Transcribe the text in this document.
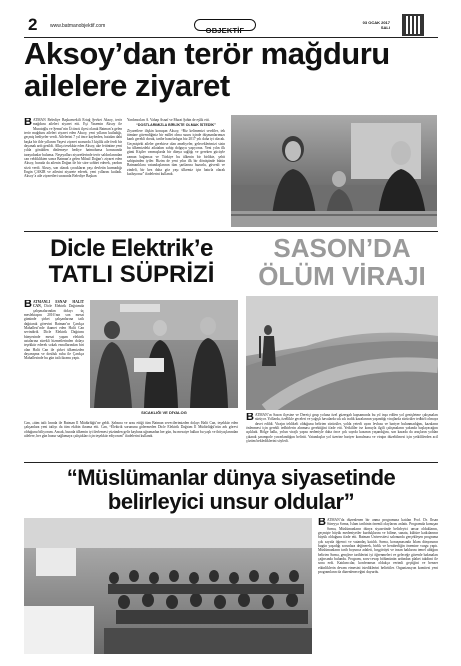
2	www.batmanobjektif.com	OBJEKTİF
03 OCAK 2017
SALI
Aksoy’dan terör mağduru
ailelere ziyaret
BATMAN Belediye Başkanvekili Ertuğ Şevket Aksoy, terör mağduru aileleri ziyaret etti. Eşi Yasemin Aksoy ile Muratoğlu ve Şemsi’nin Ücüncü ilçesi olarak Batman’a gelen terör mağduru aileleri ziyaret eden Aksoy, yeni yılların kutladığı, geçmiş hediyeler verdi. Ailelerini 7 yıl önce kaybeden, batıdan dahi başka bir ilde yıllarım Vaşevi ziyaret sırasında 3 kişilik aile ferdi bir dayanak ardı gezildi. Alkışı tesekkür eden Aksoy, ake fettintine yeni yılda gönülden dinlemeye hediye hatmolunsa konusunda tarayıdanlar bulunsa. Neşeyalları ziyaretlerinde terör saldırılarından can veldiklikten sonra Batman’a gelen Mihail Doğan’ı ziyaret eden Aksoy, burada da ailenin Doğan ile bir süre sohbet ederek, yardım sözü verdi. Aksoy, son olarak çocukların yaşı devletin kurmadığı Engin ÇAKIR ve ailesini ziyarete ederek, yeni yıllarını kutladı. Aksoy’a aile ziyaretleri sırasında Belediye Başkan
Yardımcıları A. Vahap Asnaf ve Murat Şahin de eşlik etti.
“DOSTLARIMIZLA BİRLİKTE OLMAK İSTEDİK”
Ziyaretlere ilişkin konuşan Aksoy, “Biz kelimenizi sevdiler, tek tümüne güvendiğiniz bir millet olma suuru içinde düşmanlarımızı kanlı gerekli doruk, tarihe hazırladıgız biz 2017 yılı daha iyi olacak. Geçmişteki aileler gerekirse olan ameliyeler, geleceklerimizi sizin bu ülkemizdeki atlatalım sahip dolguyu yaşıyoruz. Yeni yılın ilk günü Kişiler vanmışlarda bir dünya sağlığı ve gereken gücüyle zaman bağımsız ve Türkiye bu ülkenin bir birlikte, şehit sahipsinden iyiler. Bizim de yeni yılın ilk bir dönüşünde bütün Batmanlılara vatandaşlarının tüm şartlarına huzurlu, güvenli ve zindeli, bir kez daha göz yaşı ülkemiz için hatırla olarak kutluyoruz” ifadelerini kullandı.
Dicle Elektrik’e
TATLI SÜPRİZİ
BATMANLI ESNAF HALİT CAN, Dicle Elektrik Dağıtımda çalışmalarından dolayı üç meslektaşını 2016’nın son mesai gününde şirket çalışanlarına tatlı dağıtarak görevini Batman’ın Çarıkça Mahallesi’nde ikamet eden Halit Can sevindirdi. Dicle Elektrik Dağıtımı bünyesinde mesai yapan elektrik ustalarına sürekli hizmetlerinden dolayı teşekkür ederek sokak esnaflarından biri olan Halit Can ile şirket ülkemizden dayanışma ve dostluk ruhu ile Çarıkça Mahallesinde bu gün tatlı ikramı yaptı.
SICAKLIĞI VE DİYALOG
Can, «tüm tatlı lırında ile Batman Il Müdürlüğü’ne geldi. Şahsına ve arzu ettiği tüm Batman sevecilerimizden dolayı Halit Can, teşekkür eden çalışanlara yeni tatlıyı da tüm ekibin ikrama etti. Can, “Elektrik sorununu gidermeden Dicle Elektrik Dağıtım İl Müdürlüğü’nün ark görevi olduğunu biliyorum. Ancak, burada ülkemin iyi ilerlemesi yüzünden gelir kaybına uğramadan her gün, bu mesaiye halkın bu yaşlı ve ihtiyaçlarından ailelere, her gün huzur sağlamaya çalıştıkları için teşekkür ediyorum” ifadelerini kullandı.
SASON’DA
ÖLÜM VİRAJI
BATMAN’ın Sason ilçesine ve Dereiçi grup yoluna özel güzergah kapsamında bu yıl inşa edilen yol genişletme çalışmaları sürüyor. Yollarda, özellikle geceleri ve yağışlı havalarda sık sık trafik kazalarının yaşandığı virajlarda sürücüler tedbirli olmaya davet edildi. Virajın tehlikeli olduğunu belirten sürücüler, yolda yeterli uyarı levhası ve bariyer bulunmadığını, kazaların önlenmesi için gerekli tedbirlerin alınması gerektiğini ifade etti. Yetkililer ise konuyla ilgili çalışmaların yakında başlayacağını açıkladı. Bölge halkı, yolun virajlı yapısı nedeniyle daha önce çok sayıda kazanın yaşandığını, son kazada da araçların yoldan çıkarak şarampole yuvarlandığını belirtti. Vatandaşlar yol üzerine bariyer konulması ve virajın düzeltilmesi için yetkililerden acil çözüm beklediklerini söyledi.
“Müslümanlar dünya siyasetinde
belirleyici unsur oldular”
BATMAN’da düzenlenen bir anma programına katılan Prof. Dr. İhsan Süreyya Sırma, İslam tarihinin önemli olaylarını anlattı. Programda konuşan Sırma, Müslümanların dünya siyasetinde belirleyici unsur olduklarını, geçmişte büyük medeniyetler kurduklarını ve bilime, sanata, kültüre katkılarının büyük olduğunu ifade etti. Batman Üniversitesi salonunda gerçekleşen programa çok sayıda öğrenci ve vatandaş katıldı. Sırma, konuşmasında İslam dünyasının bugün yaşadığı sorunlara değinerek, birlik ve beraberliğin önemine vurgu yaptı. Müslümanların tarih boyunca adaleti, hoşgörüyü ve insan haklarını temel aldığını belirten Sırma, gençlere tarihlerini iyi öğrenmeleri ve geleceğe güvenle bakmaları çağrısında bulundu. Program, soru-cevap bölümünün ardından plaket takdimi ile sona erdi. Katılımcılar, konferansın oldukça verimli geçtiğini ve benzer etkinliklerin devam etmesini istediklerini belirttiler. Organizasyon komitesi yeni programların da düzenleneceğini duyurdu.
